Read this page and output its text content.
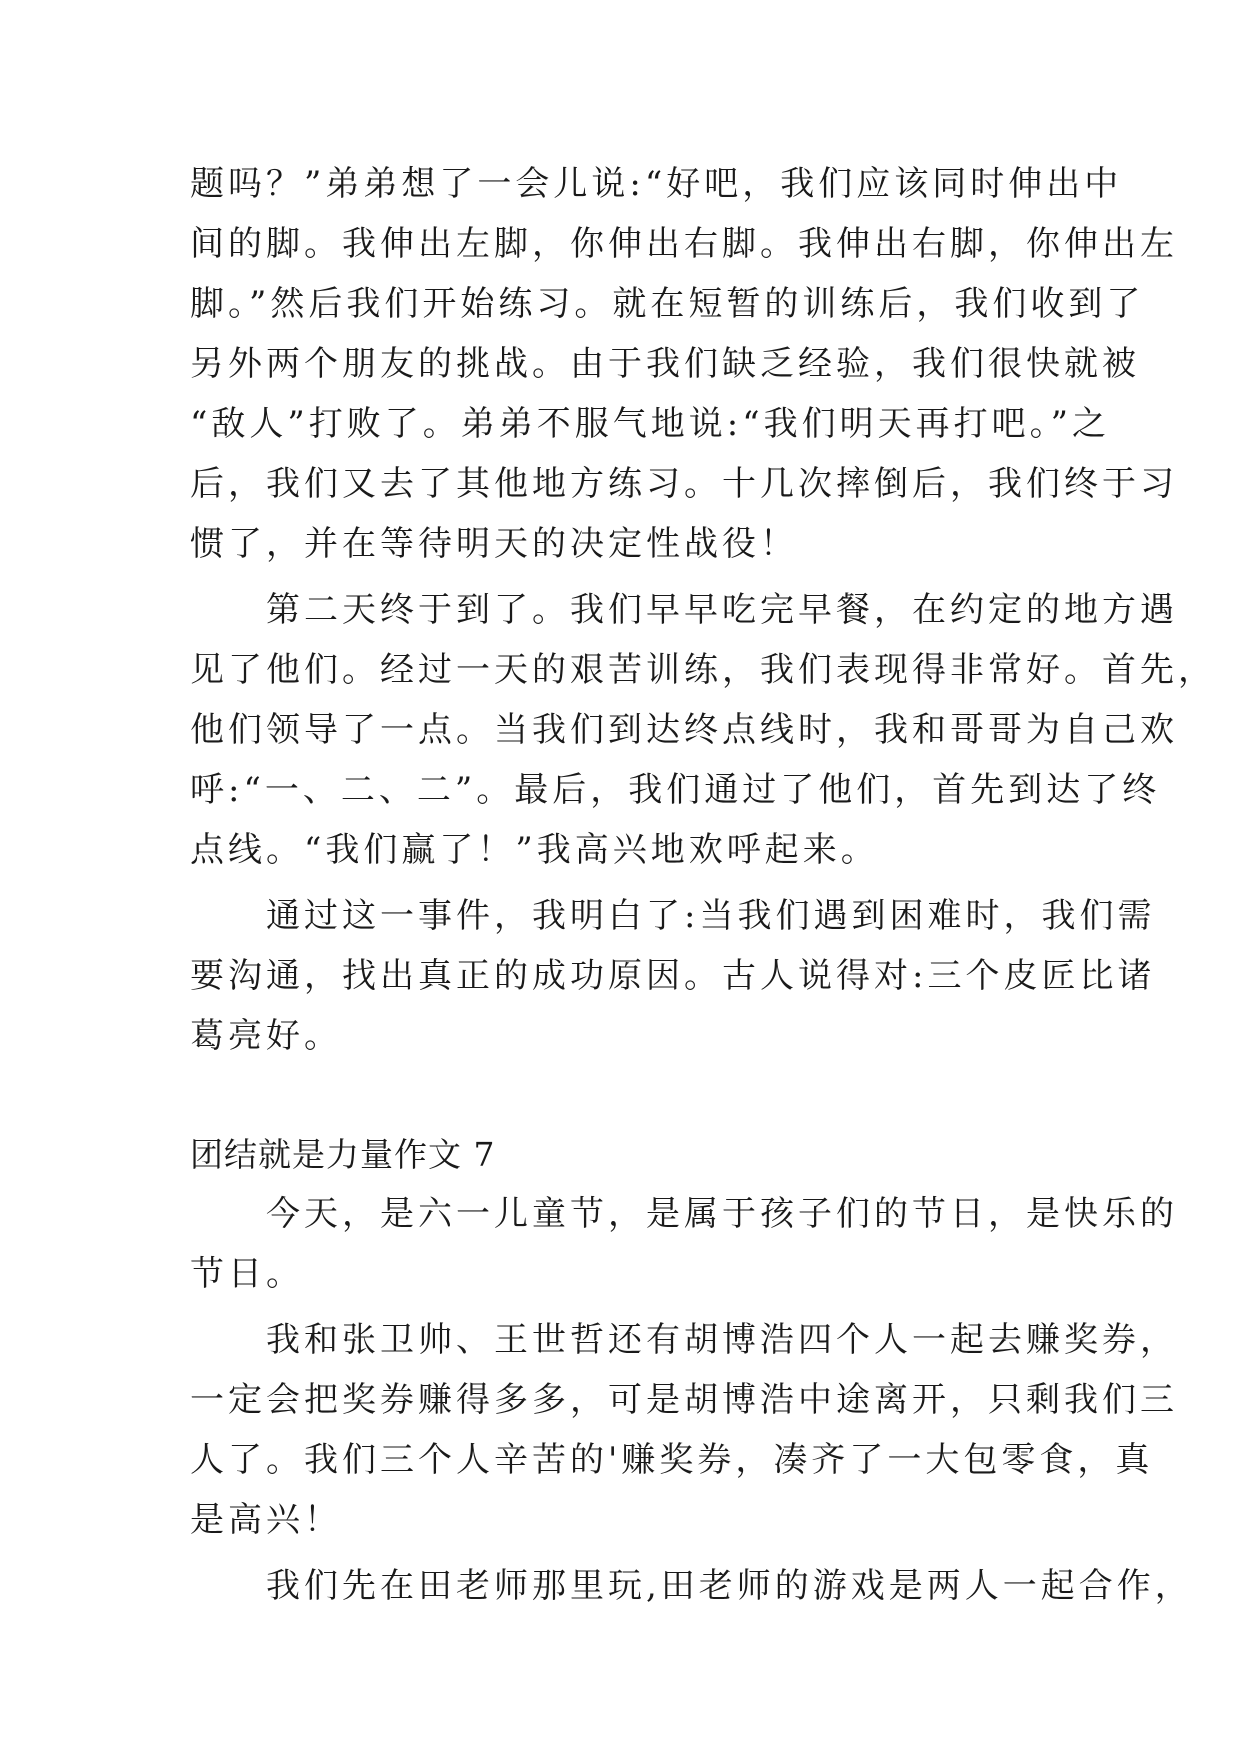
题吗？”弟弟想了一会儿说:“好吧，我们应该同时伸出中
间的脚。我伸出左脚，你伸出右脚。我伸出右脚，你伸出左
脚。”然后我们开始练习。就在短暂的训练后，我们收到了
另外两个朋友的挑战。由于我们缺乏经验，我们很快就被
“敌人”打败了。弟弟不服气地说:“我们明天再打吧。”之
后，我们又去了其他地方练习。十几次摔倒后，我们终于习
惯了，并在等待明天的决定性战役！
　　第二天终于到了。我们早早吃完早餐，在约定的地方遇
见了他们。经过一天的艰苦训练，我们表现得非常好。首先，
他们领导了一点。当我们到达终点线时，我和哥哥为自己欢
呼:“一、二、二”。最后，我们通过了他们，首先到达了终
点线。“我们赢了！”我高兴地欢呼起来。
　　通过这一事件，我明白了:当我们遇到困难时，我们需
要沟通，找出真正的成功原因。古人说得对:三个皮匠比诸
葛亮好。
团结就是力量作文 7
　　今天，是六一儿童节，是属于孩子们的节日，是快乐的
节日。
　　我和张卫帅、王世哲还有胡博浩四个人一起去赚奖券，
一定会把奖券赚得多多，可是胡博浩中途离开，只剩我们三
人了。我们三个人辛苦的'赚奖券，凑齐了一大包零食，真
是高兴！
　　我们先在田老师那里玩,田老师的游戏是两人一起合作，
